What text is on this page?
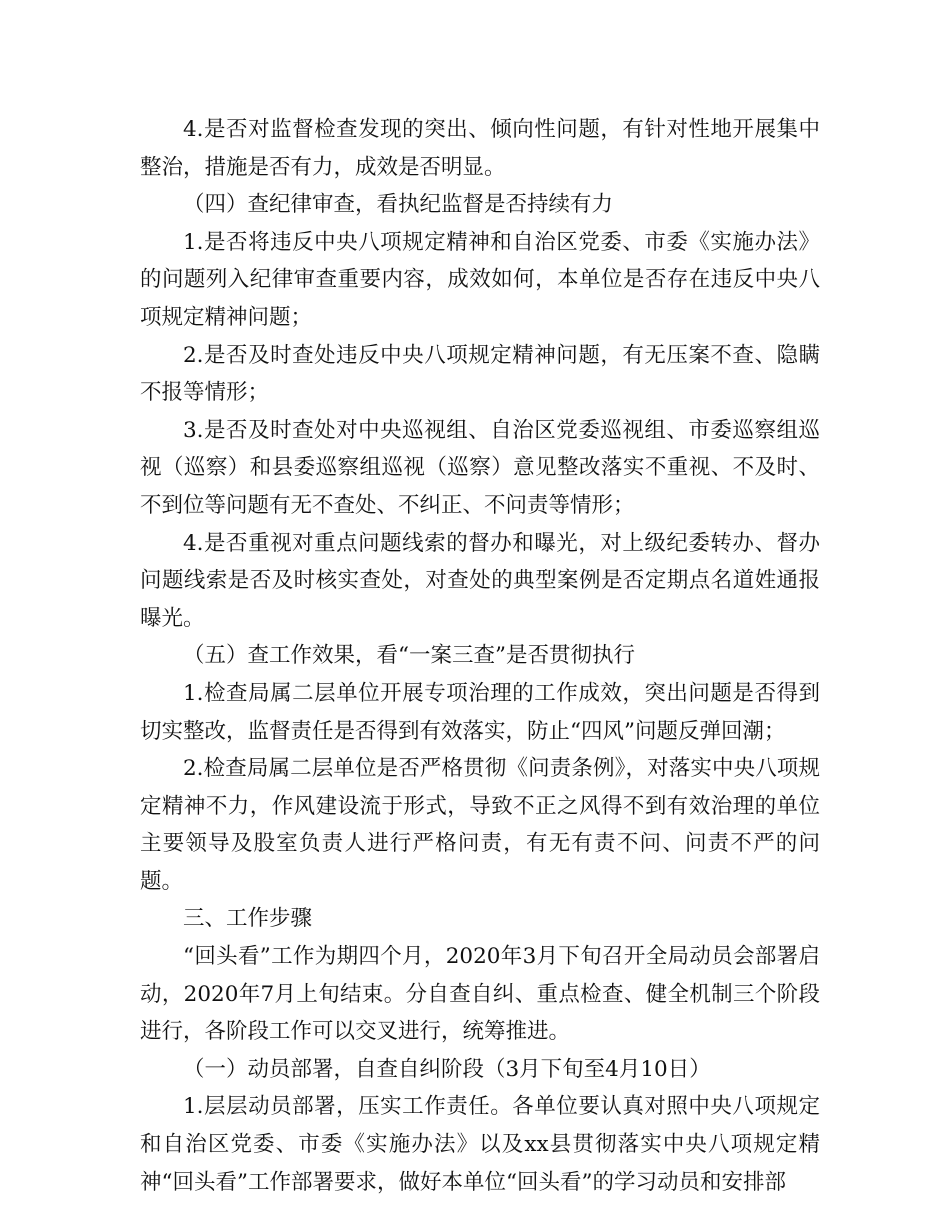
4.是否对监督检查发现的突出、倾向性问题，有针对性地开展集中整治，措施是否有力，成效是否明显。

（四）查纪律审查，看执纪监督是否持续有力

1.是否将违反中央八项规定精神和自治区党委、市委《实施办法》的问题列入纪律审查重要内容，成效如何，本单位是否存在违反中央八项规定精神问题；

2.是否及时查处违反中央八项规定精神问题，有无压案不查、隐瞒不报等情形；

3.是否及时查处对中央巡视组、自治区党委巡视组、市委巡察组巡视（巡察）和县委巡察组巡视（巡察）意见整改落实不重视、不及时、不到位等问题有无不查处、不纠正、不问责等情形；

4.是否重视对重点问题线索的督办和曝光，对上级纪委转办、督办问题线索是否及时核实查处，对查处的典型案例是否定期点名道姓通报曝光。

（五）查工作效果，看“一案三查”是否贯彻执行

1.检查局属二层单位开展专项治理的工作成效，突出问题是否得到切实整改，监督责任是否得到有效落实，防止“四风”问题反弹回潮；

2.检查局属二层单位是否严格贯彻《问责条例》，对落实中央八项规定精神不力，作风建设流于形式，导致不正之风得不到有效治理的单位主要领导及股室负责人进行严格问责，有无有责不问、问责不严的问题。

三、工作步骤

“回头看”工作为期四个月，2020年3月下旬召开全局动员会部署启动，2020年7月上旬结束。分自查自纠、重点检查、健全机制三个阶段进行，各阶段工作可以交叉进行，统筹推进。

（一）动员部署，自查自纠阶段（3月下旬至4月10日）

1.层层动员部署，压实工作责任。各单位要认真对照中央八项规定和自治区党委、市委《实施办法》以及xx县贯彻落实中央八项规定精神“回头看”工作部署要求，做好本单位“回头看”的学习动员和安排部
